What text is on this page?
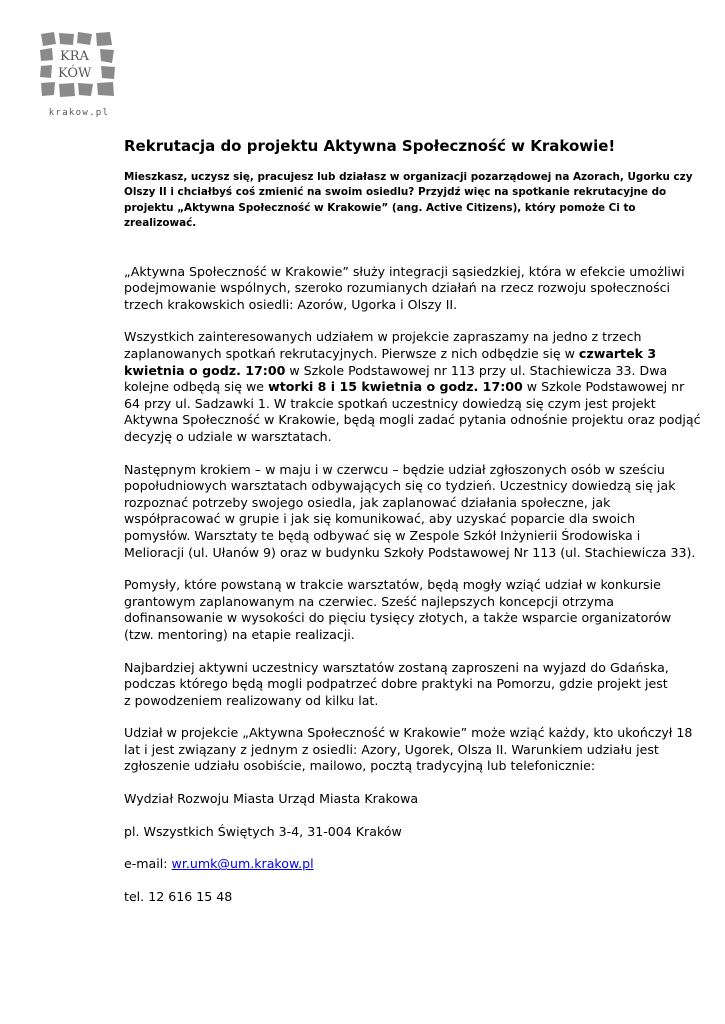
KRA
KÓW
krakow.pl
Rekrutacja do projektu Aktywna Społeczność w Krakowie!

Mieszkasz, uczysz się, pracujesz lub działasz w organizacji pozarządowej na Azorach, Ugorku czy Olszy II i chciałbyś coś zmienić na swoim osiedlu? Przyjdź więc na spotkanie rekrutacyjne do projektu „Aktywna Społeczność w Krakowie” (ang. Active Citizens), który pomoże Ci to zrealizować.

„Aktywna Społeczność w Krakowie” służy integracji sąsiedzkiej, która w efekcie umożliwi podejmowanie wspólnych, szeroko rozumianych działań na rzecz rozwoju społeczności trzech krakowskich osiedli: Azorów, Ugorka i Olszy II.

Wszystkich zainteresowanych udziałem w projekcie zapraszamy na jedno z trzech zaplanowanych spotkań rekrutacyjnych. Pierwsze z nich odbędzie się w czwartek 3 kwietnia o godz. 17:00 w Szkole Podstawowej nr 113 przy ul. Stachiewicza 33. Dwa kolejne odbędą się we wtorki 8 i 15 kwietnia o godz. 17:00 w Szkole Podstawowej nr 64 przy ul. Sadzawki 1. W trakcie spotkań uczestnicy dowiedzą się czym jest projekt Aktywna Społeczność w Krakowie, będą mogli zadać pytania odnośnie projektu oraz podjąć decyzję o udziale w warsztatach.

Następnym krokiem – w maju i w czerwcu – będzie udział zgłoszonych osób w sześciu popołudniowych warsztatach odbywających się co tydzień. Uczestnicy dowiedzą się jak rozpoznać potrzeby swojego osiedla, jak zaplanować działania społeczne, jak współpracować w grupie i jak się komunikować, aby uzyskać poparcie dla swoich pomysłów. Warsztaty te będą odbywać się w Zespole Szkół Inżynierii Środowiska i Melioracji (ul. Ułanów 9) oraz w budynku Szkoły Podstawowej Nr 113 (ul. Stachiewicza 33).

Pomysły, które powstaną w trakcie warsztatów, będą mogły wziąć udział w konkursie grantowym zaplanowanym na czerwiec. Sześć najlepszych koncepcji otrzyma dofinansowanie w wysokości do pięciu tysięcy złotych, a także wsparcie organizatorów (tzw. mentoring) na etapie realizacji.

Najbardziej aktywni uczestnicy warsztatów zostaną zaproszeni na wyjazd do Gdańska, podczas którego będą mogli podpatrzeć dobre praktyki na Pomorzu, gdzie projekt jest
z powodzeniem realizowany od kilku lat.

Udział w projekcie „Aktywna Społeczność w Krakowie” może wziąć każdy, kto ukończył 18 lat i jest związany z jednym z osiedli: Azory, Ugorek, Olsza II. Warunkiem udziału jest zgłoszenie udziału osobiście, mailowo, pocztą tradycyjną lub telefonicznie:

Wydział Rozwoju Miasta Urząd Miasta Krakowa

pl. Wszystkich Świętych 3-4, 31-004 Kraków

e-mail: wr.umk@um.krakow.pl

tel. 12 616 15 48
